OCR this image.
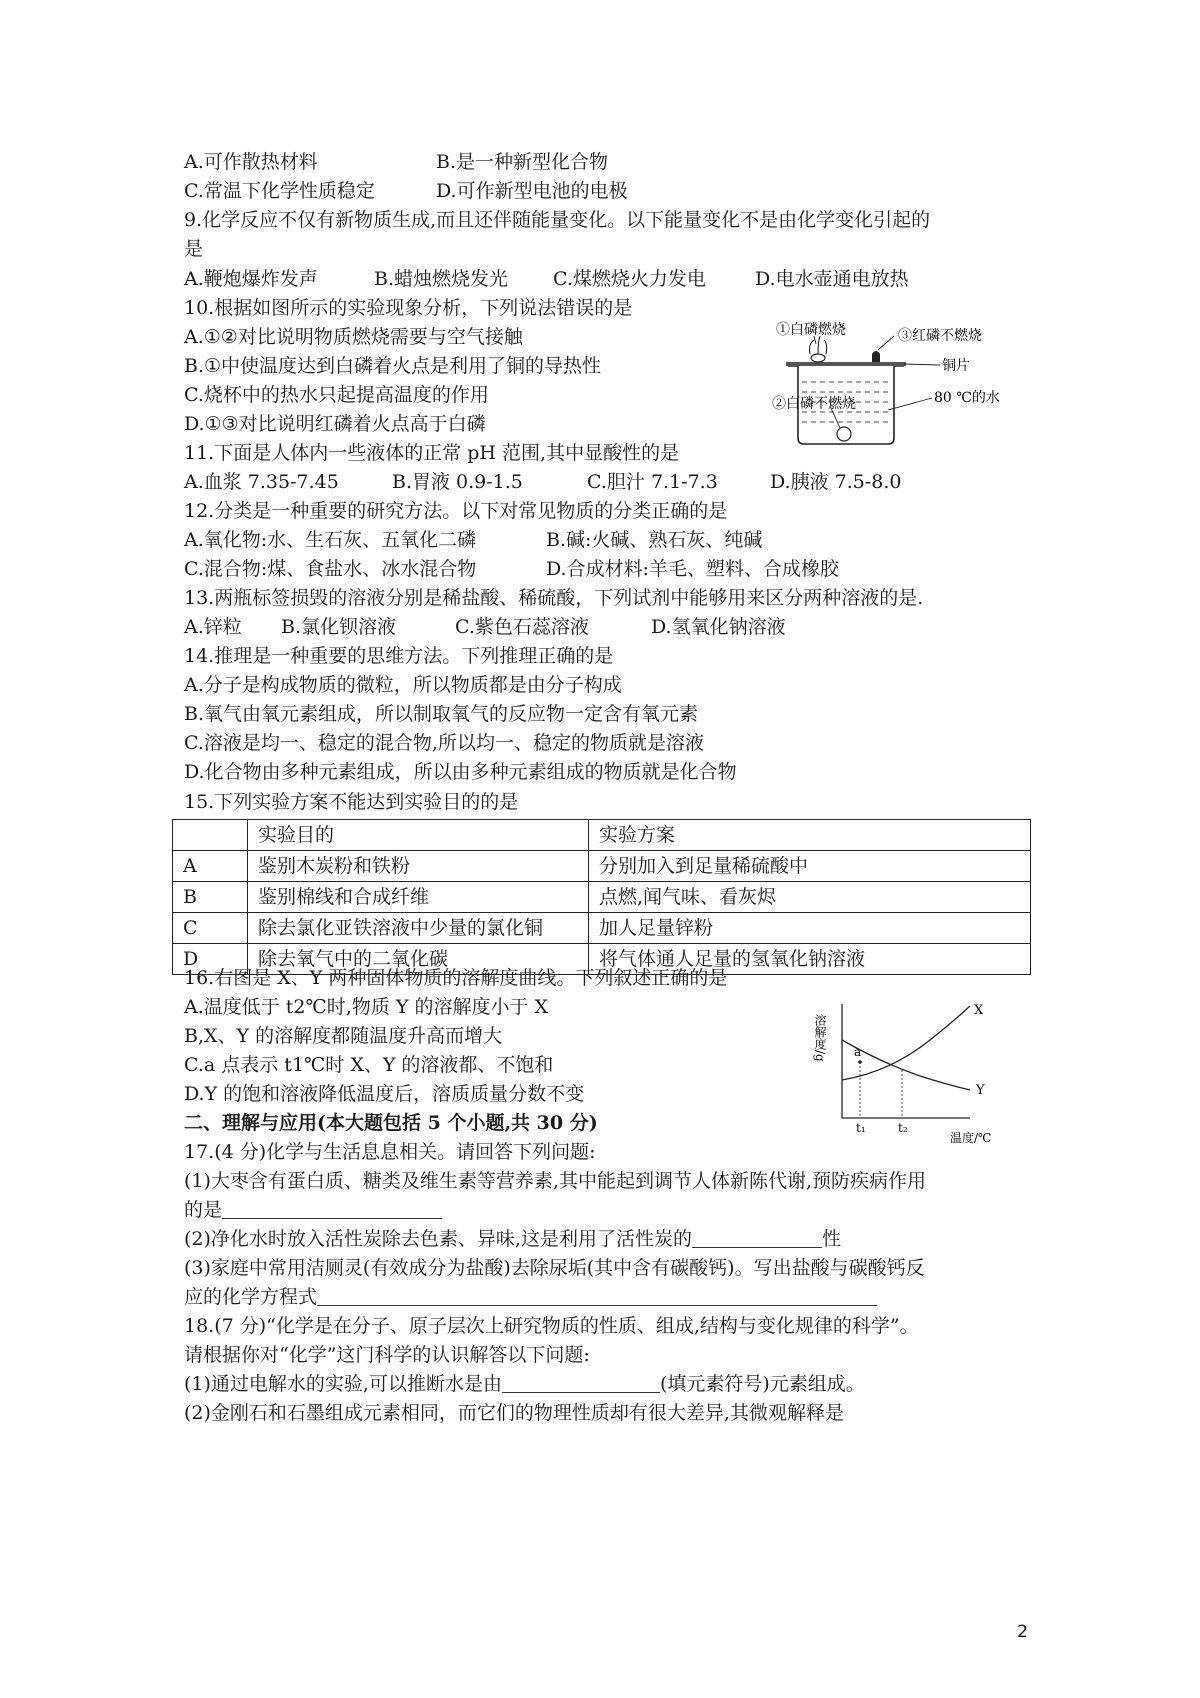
A.可作散热材料	B.是一种新型化合物
C.常温下化学性质稳定	D.可作新型电池的电极
9.化学反应不仅有新物质生成,而且还伴随能量变化。以下能量变化不是由化学变化引起的
是
A.鞭炮爆炸发声	B.蜡烛燃烧发光 C.煤燃烧火力发电	D.电水壶通电放热
10.根据如图所示的实验现象分析，下列说法错误的是
A.①②对比说明物质燃烧需要与空气接触
B.①中使温度达到白磷着火点是利用了铜的导热性
C.烧杯中的热水只起提高温度的作用
D.①③对比说明红磷着火点高于白磷
①白磷燃烧	③红磷不燃烧
铜片
②白磷不燃烧	80 ℃的水
11.下面是人体内一些液体的正常 pH 范围,其中显酸性的是
A.血浆 7.35-7.45	B.胃液 0.9-1.5	C.胆汁 7.1-7.3	D.胰液 7.5-8.0
12.分类是一种重要的研究方法。以下对常见物质的分类正确的是
A.氧化物:水、生石灰、五氧化二磷	B.碱:火碱、熟石灰、纯碱
C.混合物:煤、食盐水、冰水混合物	D.合成材料:羊毛、塑料、合成橡胶
13.两瓶标签损毁的溶液分别是稀盐酸、稀硫酸，下列试剂中能够用来区分两种溶液的是.
A.锌粒 B.氯化钡溶液	C.紫色石蕊溶液	D.氢氧化钠溶液
14.推理是一种重要的思维方法。下列推理正确的是
A.分子是构成物质的微粒，所以物质都是由分子构成
B.氧气由氧元素组成，所以制取氧气的反应物一定含有氧元素
C.溶液是均一、稳定的混合物,所以均一、稳定的物质就是溶液
D.化合物由多种元素组成，所以由多种元素组成的物质就是化合物
15.下列实验方案不能达到实验目的的是
	实验目的	实验方案
A	鉴别木炭粉和铁粉	分别加入到足量稀硫酸中
B	鉴别棉线和合成纤维	点燃,闻气味、看灰烬
C	除去氯化亚铁溶液中少量的氯化铜	加人足量锌粉
D	除去氧气中的二氧化碳	将气体通人足量的氢氧化钠溶液
16.右图是 X、Y 两种固体物质的溶解度曲线。下列叙述正确的是
A.温度低于 t2℃时,物质 Y 的溶解度小于 X
B,X、Y 的溶解度都随温度升高而增大
C.a 点表示 t1℃时 X、Y 的溶液都、不饱和
D.Y 的饱和溶液降低温度后，溶质质量分数不变
溶解度/g
X
Y
a
t₁	t₂
温度/℃
二、理解与应用(本大题包括 5 个小题,共 30 分)
17.(4 分)化学与生活息息相关。请回答下列问题:
(1)大枣含有蛋白质、糖类及维生素等营养素,其中能起到调节人体新陈代谢,预防疾病作用
的是
(2)净化水时放入活性炭除去色素、异味,这是利用了活性炭的	性
(3)家庭中常用洁厕灵(有效成分为盐酸)去除尿垢(其中含有碳酸钙)。写出盐酸与碳酸钙反
应的化学方程式
18.(7 分)“化学是在分子、原子层次上研究物质的性质、组成,结构与变化规律的科学”。
请根据你对“化学”这门科学的认识解答以下问题:
(1)通过电解水的实验,可以推断水是由	(填元素符号)元素组成。
(2)金刚石和石墨组成元素相同，而它们的物理性质却有很大差异,其微观解释是
2
